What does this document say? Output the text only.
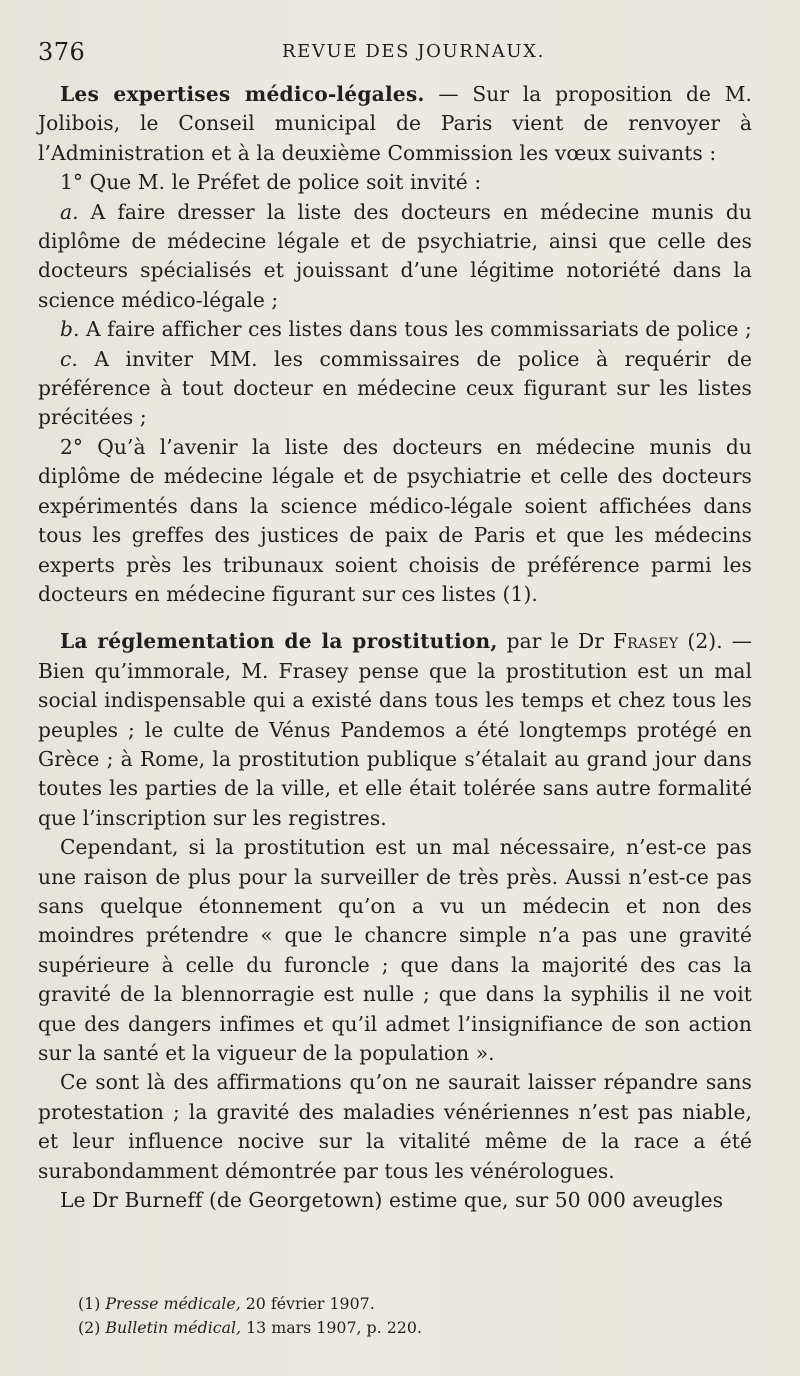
376	REVUE DES JOURNAUX.

Les expertises médico-légales. — Sur la proposition de M. Jolibois, le Conseil municipal de Paris vient de renvoyer à l’Administration et à la deuxième Commission les vœux suivants :

1° Que M. le Préfet de police soit invité :

a. A faire dresser la liste des docteurs en médecine munis du diplôme de médecine légale et de psychiatrie, ainsi que celle des docteurs spécialisés et jouissant d’une légitime notoriété dans la science médico-légale ;

b. A faire afficher ces listes dans tous les commissariats de police ;

c. A inviter MM. les commissaires de police à requérir de préférence à tout docteur en médecine ceux figurant sur les listes précitées ;

2° Qu’à l’avenir la liste des docteurs en médecine munis du diplôme de médecine légale et de psychiatrie et celle des docteurs expérimentés dans la science médico-légale soient affichées dans tous les greffes des justices de paix de Paris et que les médecins experts près les tribunaux soient choisis de préférence parmi les docteurs en médecine figurant sur ces listes (1).

La réglementation de la prostitution, par le Dr Frasey (2). — Bien qu’immorale, M. Frasey pense que la prostitution est un mal social indispensable qui a existé dans tous les temps et chez tous les peuples ; le culte de Vénus Pandemos a été longtemps protégé en Grèce ; à Rome, la prostitution publique s’étalait au grand jour dans toutes les parties de la ville, et elle était tolérée sans autre formalité que l’inscription sur les registres.

Cependant, si la prostitution est un mal nécessaire, n’est-ce pas une raison de plus pour la surveiller de très près. Aussi n’est-ce pas sans quelque étonnement qu’on a vu un médecin et non des moindres prétendre « que le chancre simple n’a pas une gravité supérieure à celle du furoncle ; que dans la majorité des cas la gravité de la blennorragie est nulle ; que dans la syphilis il ne voit que des dangers infimes et qu’il admet l’insignifiance de son action sur la santé et la vigueur de la population ».

Ce sont là des affirmations qu’on ne saurait laisser répandre sans protestation ; la gravité des maladies vénériennes n’est pas niable, et leur influence nocive sur la vitalité même de la race a été surabondamment démontrée par tous les vénérologues.

Le Dr Burneff (de Georgetown) estime que, sur 50 000 aveugles

(1) Presse médicale, 20 février 1907.

(2) Bulletin médical, 13 mars 1907, p. 220.
